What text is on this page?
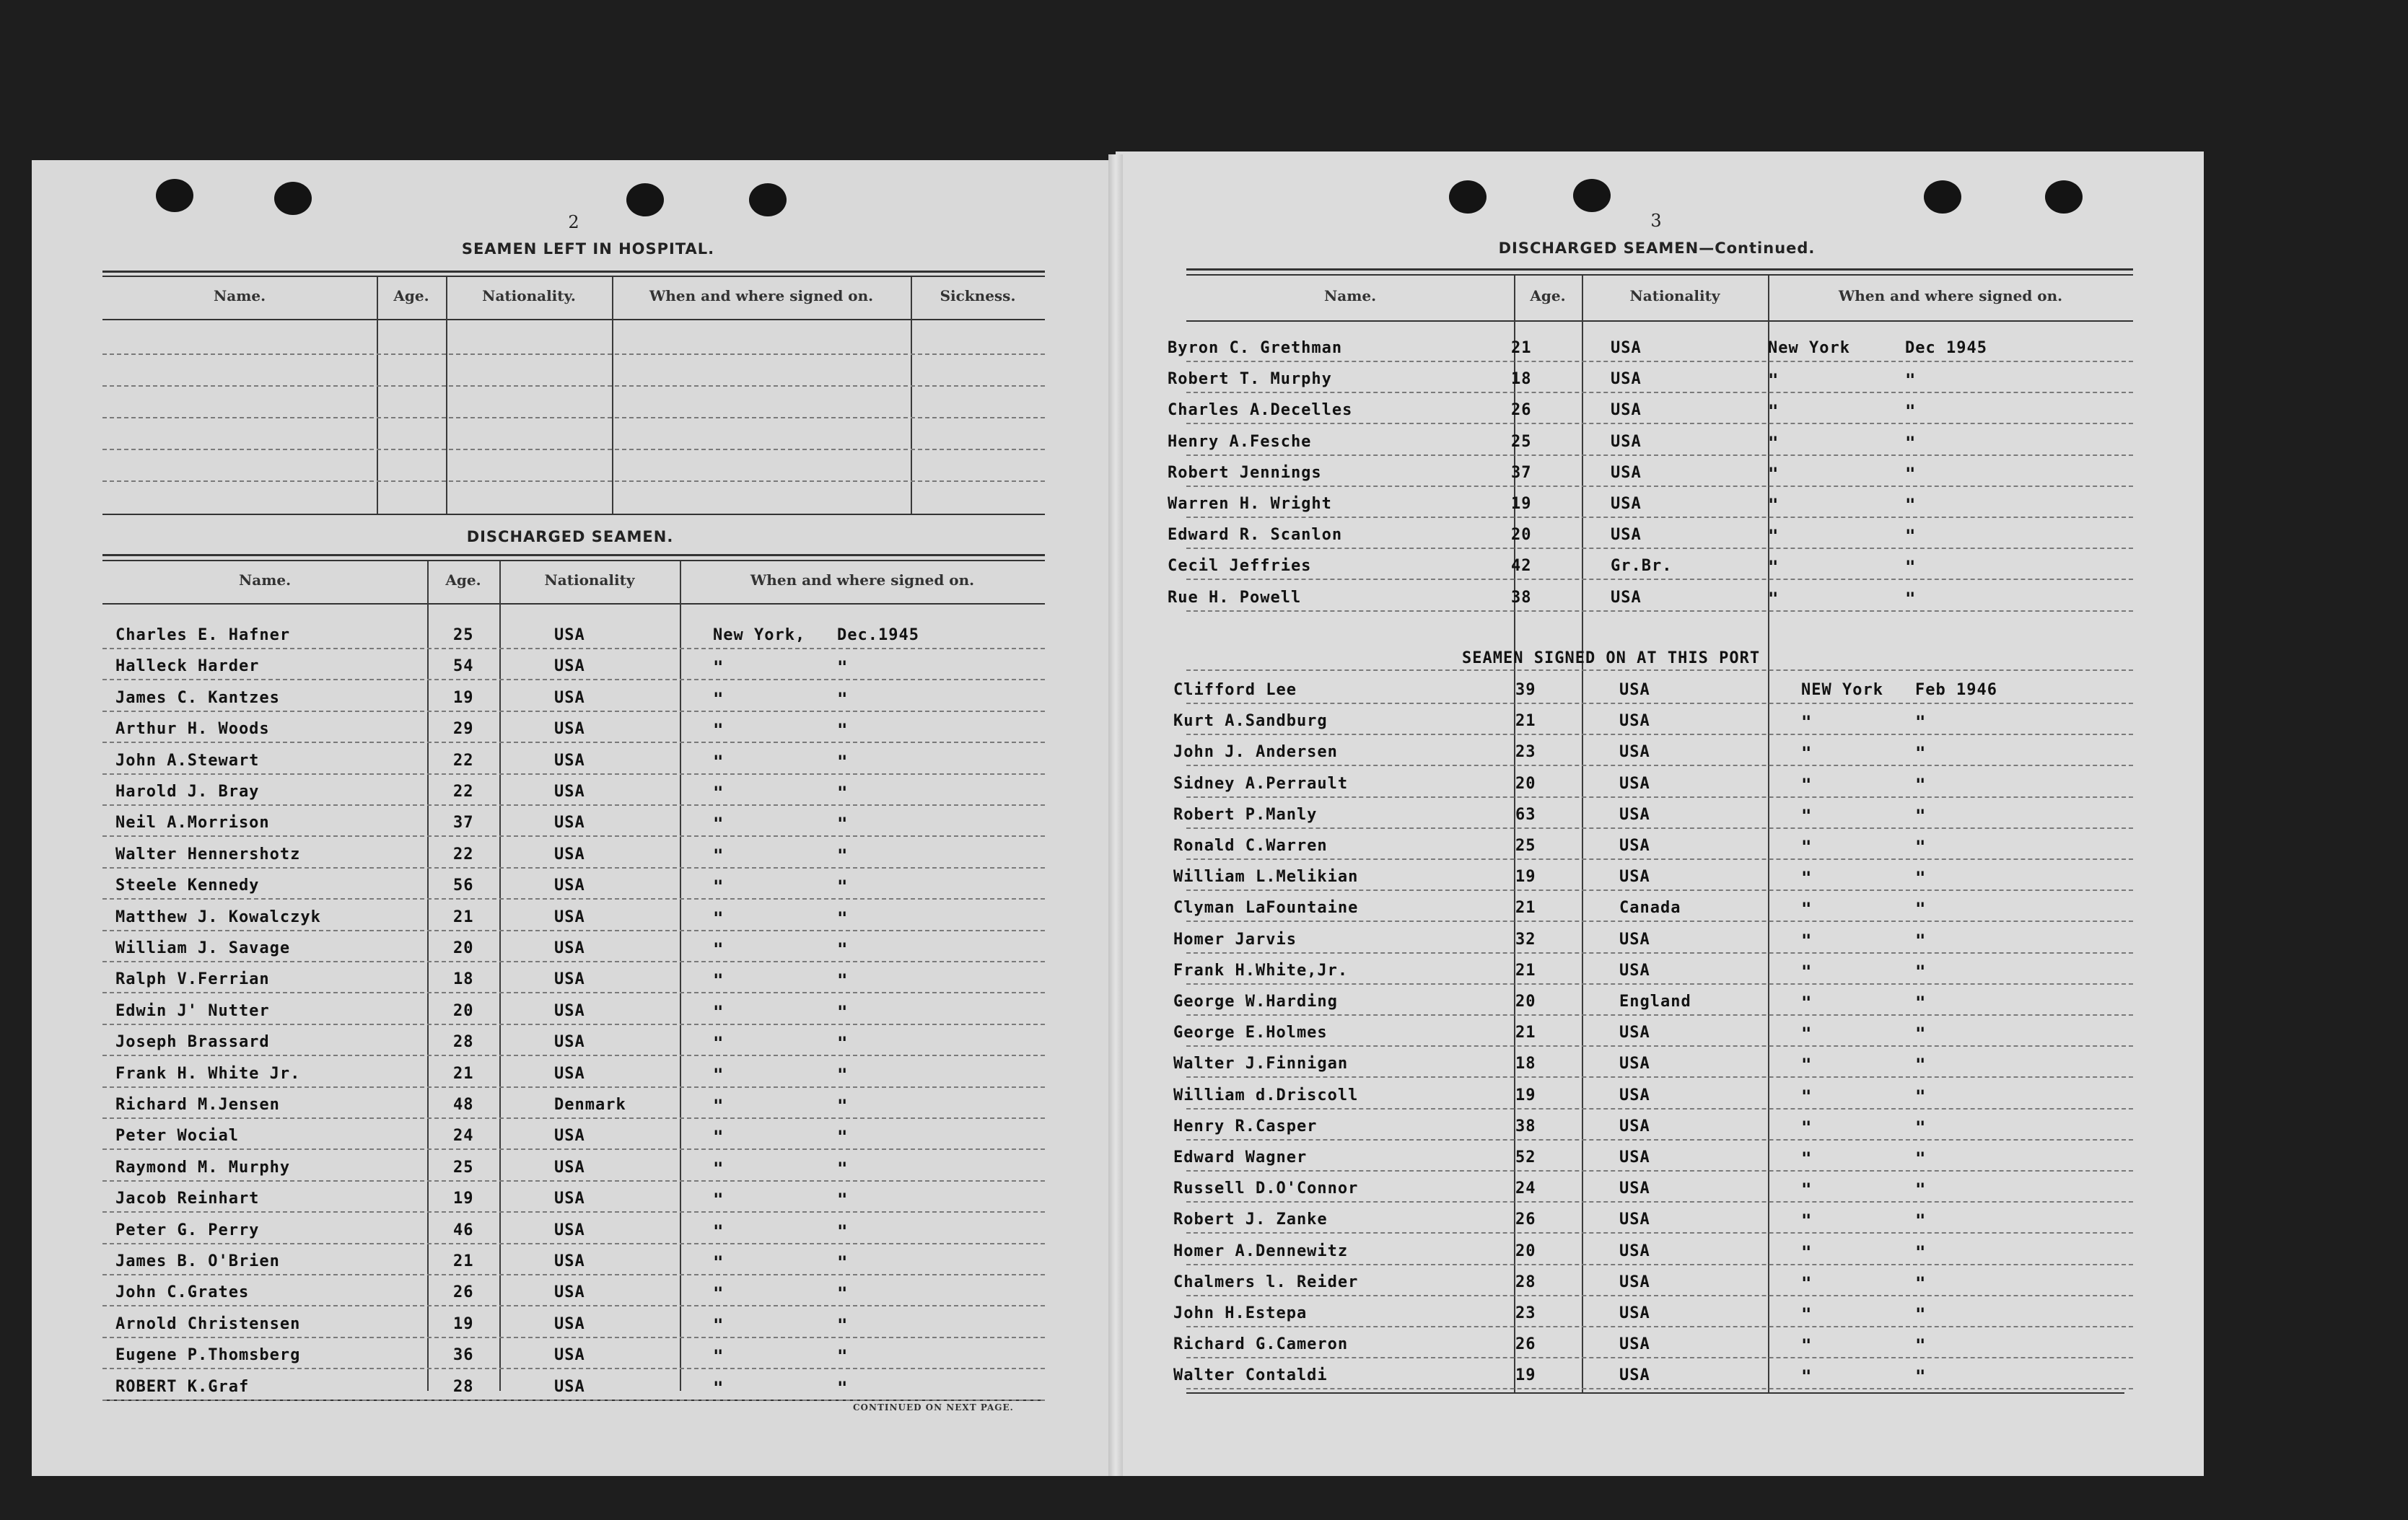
2
SEAMEN LEFT IN HOSPITAL.
Name.	Age.	Nationality.	When and where signed on.	Sickness.
DISCHARGED SEAMEN.
Name.	Age.	Nationality	When and where signed on.
CONTINUED ON NEXT PAGE.
Charles E. Hafner	25	USA	New York, Dec.1945
Halleck Harder	54	USA	"	"
James C. Kantzes	19	USA	"	"
Arthur H. Woods	29	USA	"	"
John A.Stewart	22	USA	"	"
Harold J. Bray	22	USA	"	"
Neil A.Morrison	37	USA	"	"
Walter Hennershotz	22	USA	"	"
Steele Kennedy	56	USA	"	"
Matthew J. Kowalczyk	21	USA	"	"
William J. Savage	20	USA	"	"
Ralph V.Ferrian	18	USA	"	"
Edwin J' Nutter	20	USA	"	"
Joseph Brassard	28	USA	"	"
Frank H. White Jr.	21	USA	"	"
Richard M.Jensen	48	Denmark	"	"
Peter Wocial	24	USA	"	"
Raymond M. Murphy	25	USA	"	"
Jacob Reinhart	19	USA	"	"
Peter G. Perry	46	USA	"	"
James B. O'Brien	21	USA	"	"
John C.Grates	26	USA	"	"
Arnold Christensen	19	USA	"	"
Eugene P.Thomsberg	36	USA	"	"
ROBERT K.Graf	28	USA	"	"
3
DISCHARGED SEAMEN—Continued.
Name.	Age.	Nationality	When and where signed on.
SEAMEN SIGNED ON AT THIS PORT
Byron C. Grethman	21	USA	New York	Dec 1945
Robert T. Murphy	18	USA	"	"
Charles A.Decelles	26	USA	"	"
Henry A.Fesche	25	USA	"	"
Robert Jennings	37	USA	"	"
Warren H. Wright	19	USA	"	"
Edward R. Scanlon	20	USA	"	"
Cecil Jeffries	42	Gr.Br.	"	"
Rue H. Powell	38	USA	"	"
Clifford Lee	39	USA	NEW York Feb 1946
Kurt A.Sandburg	21	USA	"	"
John J. Andersen	23	USA	"	"
Sidney A.Perrault	20	USA	"	"
Robert P.Manly	63	USA	"	"
Ronald C.Warren	25	USA	"	"
William L.Melikian	19	USA	"	"
Clyman LaFountaine	21	Canada	"	"
Homer Jarvis	32	USA	"	"
Frank H.White,Jr.	21	USA	"	"
George W.Harding	20	England	"	"
George E.Holmes	21	USA	"	"
Walter J.Finnigan	18	USA	"	"
William d.Driscoll	19	USA	"	"
Henry R.Casper	38	USA	"	"
Edward Wagner	52	USA	"	"
Russell D.O'Connor	24	USA	"	"
Robert J. Zanke	26	USA	"	"
Homer A.Dennewitz	20	USA	"	"
Chalmers l. Reider	28	USA	"	"
John H.Estepa	23	USA	"	"
Richard G.Cameron	26	USA	"	"
Walter Contaldi	19	USA	"	"
